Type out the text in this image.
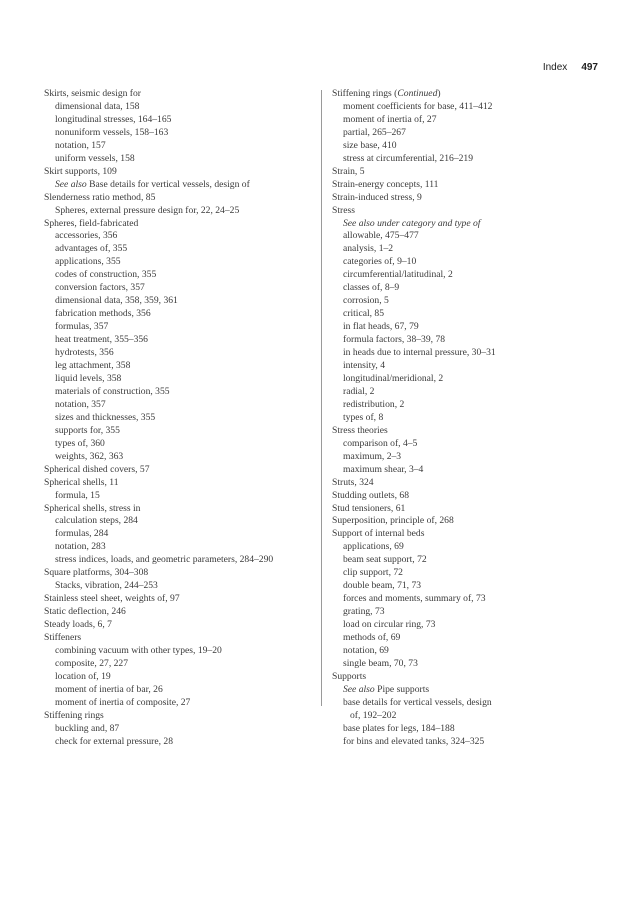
Index 497
Skirts, seismic design for
dimensional data, 158
longitudinal stresses, 164–165
nonuniform vessels, 158–163
notation, 157
uniform vessels, 158
Skirt supports, 109
See also Base details for vertical vessels, design of
Slenderness ratio method, 85
Spheres, external pressure design for, 22, 24–25
Spheres, field-fabricated
accessories, 356
advantages of, 355
applications, 355
codes of construction, 355
conversion factors, 357
dimensional data, 358, 359, 361
fabrication methods, 356
formulas, 357
heat treatment, 355–356
hydrotests, 356
leg attachment, 358
liquid levels, 358
materials of construction, 355
notation, 357
sizes and thicknesses, 355
supports for, 355
types of, 360
weights, 362, 363
Spherical dished covers, 57
Spherical shells, 11
formula, 15
Spherical shells, stress in
calculation steps, 284
formulas, 284
notation, 283
stress indices, loads, and geometric parameters, 284–290
Square platforms, 304–308
Stacks, vibration, 244–253
Stainless steel sheet, weights of, 97
Static deflection, 246
Steady loads, 6, 7
Stiffeners
combining vacuum with other types, 19–20
composite, 27, 227
location of, 19
moment of inertia of bar, 26
moment of inertia of composite, 27
Stiffening rings
buckling and, 87
check for external pressure, 28
Stiffening rings (Continued)
moment coefficients for base, 411–412
moment of inertia of, 27
partial, 265–267
size base, 410
stress at circumferential, 216–219
Strain, 5
Strain-energy concepts, 111
Strain-induced stress, 9
Stress
See also under category and type of
allowable, 475–477
analysis, 1–2
categories of, 9–10
circumferential/latitudinal, 2
classes of, 8–9
corrosion, 5
critical, 85
in flat heads, 67, 79
formula factors, 38–39, 78
in heads due to internal pressure, 30–31
intensity, 4
longitudinal/meridional, 2
radial, 2
redistribution, 2
types of, 8
Stress theories
comparison of, 4–5
maximum, 2–3
maximum shear, 3–4
Struts, 324
Studding outlets, 68
Stud tensioners, 61
Superposition, principle of, 268
Support of internal beds
applications, 69
beam seat support, 72
clip support, 72
double beam, 71, 73
forces and moments, summary of, 73
grating, 73
load on circular ring, 73
methods of, 69
notation, 69
single beam, 70, 73
Supports
See also Pipe supports
base details for vertical vessels, design
of, 192–202
base plates for legs, 184–188
for bins and elevated tanks, 324–325
